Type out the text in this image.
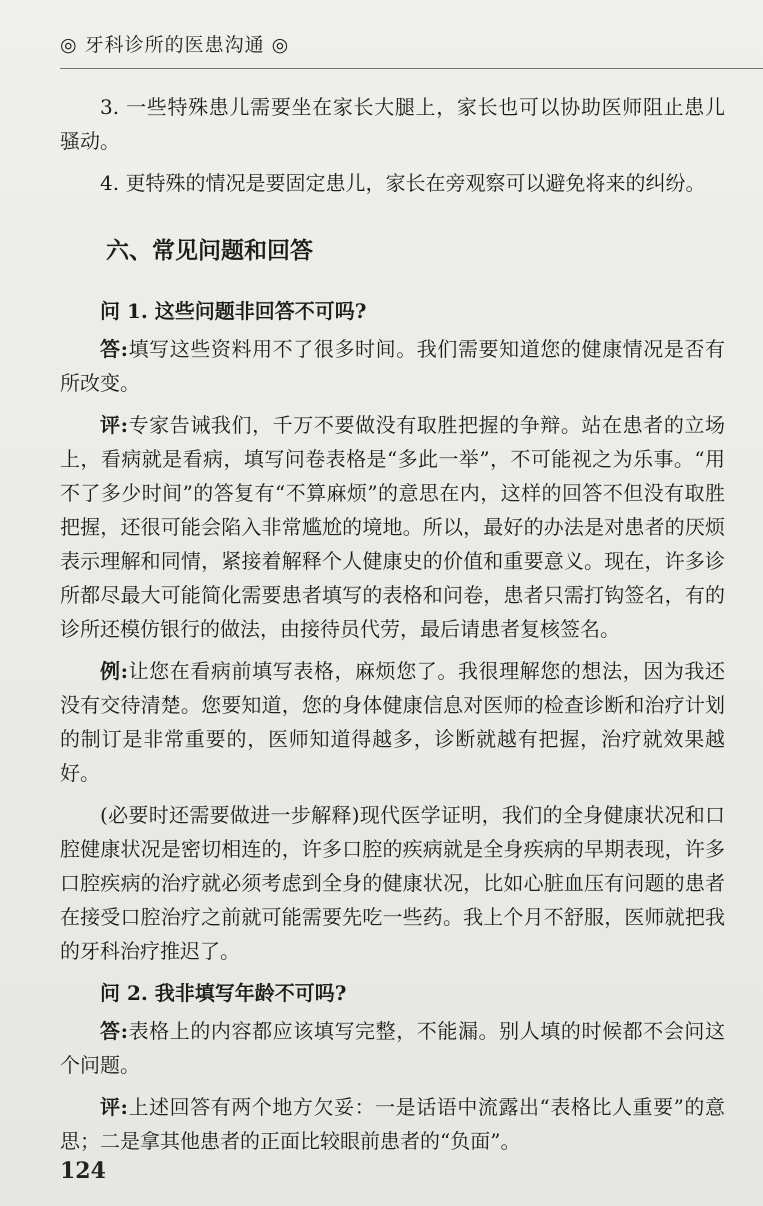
◎ 牙科诊所的医患沟通 ◎

3. 一些特殊患儿需要坐在家长大腿上，家长也可以协助医师阻止患儿骚动。

4. 更特殊的情况是要固定患儿，家长在旁观察可以避免将来的纠纷。

六、常见问题和回答

问 1. 这些问题非回答不可吗?

答:填写这些资料用不了很多时间。我们需要知道您的健康情况是否有所改变。

评:专家告诫我们，千万不要做没有取胜把握的争辩。站在患者的立场上，看病就是看病，填写问卷表格是“多此一举”，不可能视之为乐事。“用不了多少时间”的答复有“不算麻烦”的意思在内，这样的回答不但没有取胜把握，还很可能会陷入非常尴尬的境地。所以，最好的办法是对患者的厌烦表示理解和同情，紧接着解释个人健康史的价值和重要意义。现在，许多诊所都尽最大可能简化需要患者填写的表格和问卷，患者只需打钩签名，有的诊所还模仿银行的做法，由接待员代劳，最后请患者复核签名。

例:让您在看病前填写表格，麻烦您了。我很理解您的想法，因为我还没有交待清楚。您要知道，您的身体健康信息对医师的检查诊断和治疗计划的制订是非常重要的，医师知道得越多，诊断就越有把握，治疗就效果越好。

(必要时还需要做进一步解释)现代医学证明，我们的全身健康状况和口腔健康状况是密切相连的，许多口腔的疾病就是全身疾病的早期表现，许多口腔疾病的治疗就必须考虑到全身的健康状况，比如心脏血压有问题的患者在接受口腔治疗之前就可能需要先吃一些药。我上个月不舒服，医师就把我的牙科治疗推迟了。

问 2. 我非填写年龄不可吗?

答:表格上的内容都应该填写完整，不能漏。别人填的时候都不会问这个问题。

评:上述回答有两个地方欠妥：一是话语中流露出“表格比人重要”的意思；二是拿其他患者的正面比较眼前患者的“负面”。

124
